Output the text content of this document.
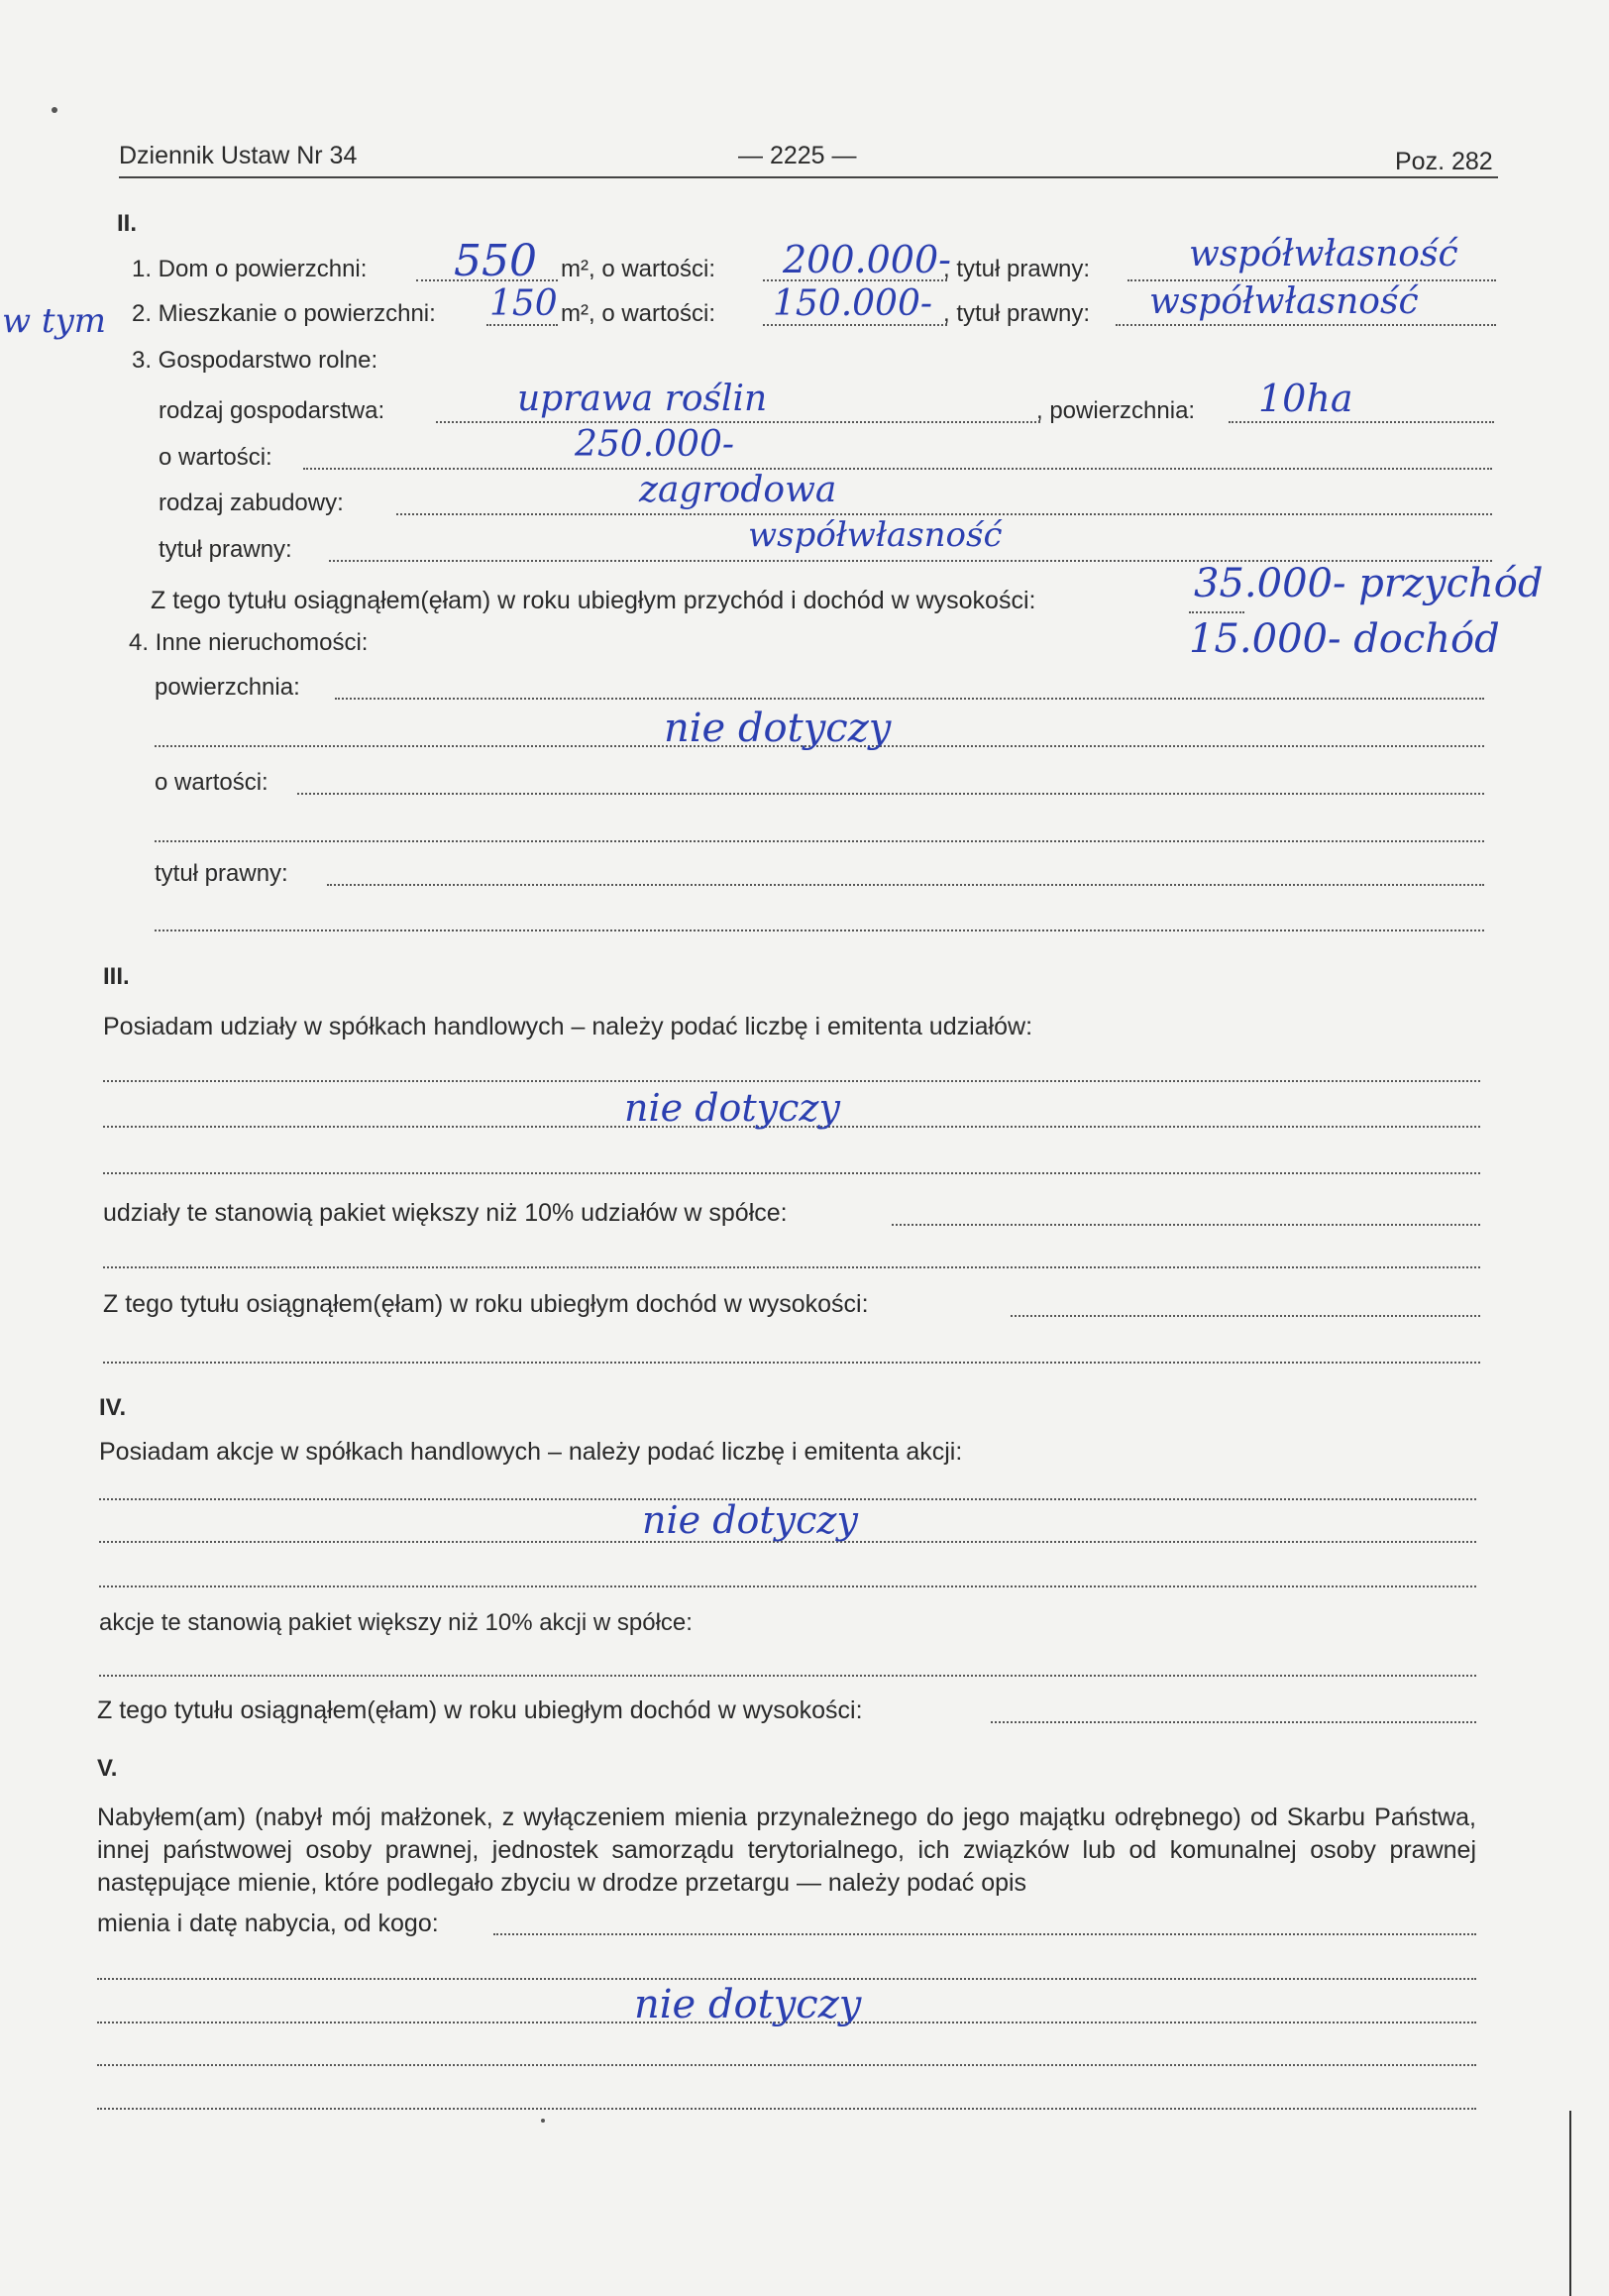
Dziennik Ustaw Nr 34	— 2225 —	Poz. 282
II.
w tym
1. Dom o powierzchni: 550 m², o wartości: 200.000-
, tytuł prawny:	współwłasność
2. Mieszkanie o powierzchni: 150 m², o wartości: 150.000- , tytuł prawny: współwłasność
3. Gospodarstwo rolne:
rodzaj gospodarstwa:	uprawa roślin	, powierzchnia: 10ha
o wartości:	250.000-
rodzaj zabudowy:	zagrodowa
tytuł prawny:	współwłasność
Z tego tytułu osiągnąłem(ęłam) w roku ubiegłym przychód i dochód w wysokości:	35.000- przychód
15.000- dochód
4. Inne nieruchomości:
powierzchnia:
nie dotyczy
o wartości:
tytuł prawny:
III.
Posiadam udziały w spółkach handlowych – należy podać liczbę i emitenta udziałów:
nie dotyczy
udziały te stanowią pakiet większy niż 10% udziałów w spółce:
Z tego tytułu osiągnąłem(ęłam) w roku ubiegłym dochód w wysokości:
IV.
Posiadam akcje w spółkach handlowych – należy podać liczbę i emitenta akcji:
nie dotyczy
akcje te stanowią pakiet większy niż 10% akcji w spółce:
Z tego tytułu osiągnąłem(ęłam) w roku ubiegłym dochód w wysokości:
V.
Nabyłem(am) (nabył mój małżonek, z wyłączeniem mienia przynależnego do jego majątku odrębnego) od Skarbu Państwa, innej państwowej osoby prawnej, jednostek samorządu terytorialnego, ich związków lub od komunalnej osoby prawnej następujące mienie, które podlegało zbyciu w drodze przetargu — należy podać opis
mienia i datę nabycia, od kogo:
nie dotyczy
